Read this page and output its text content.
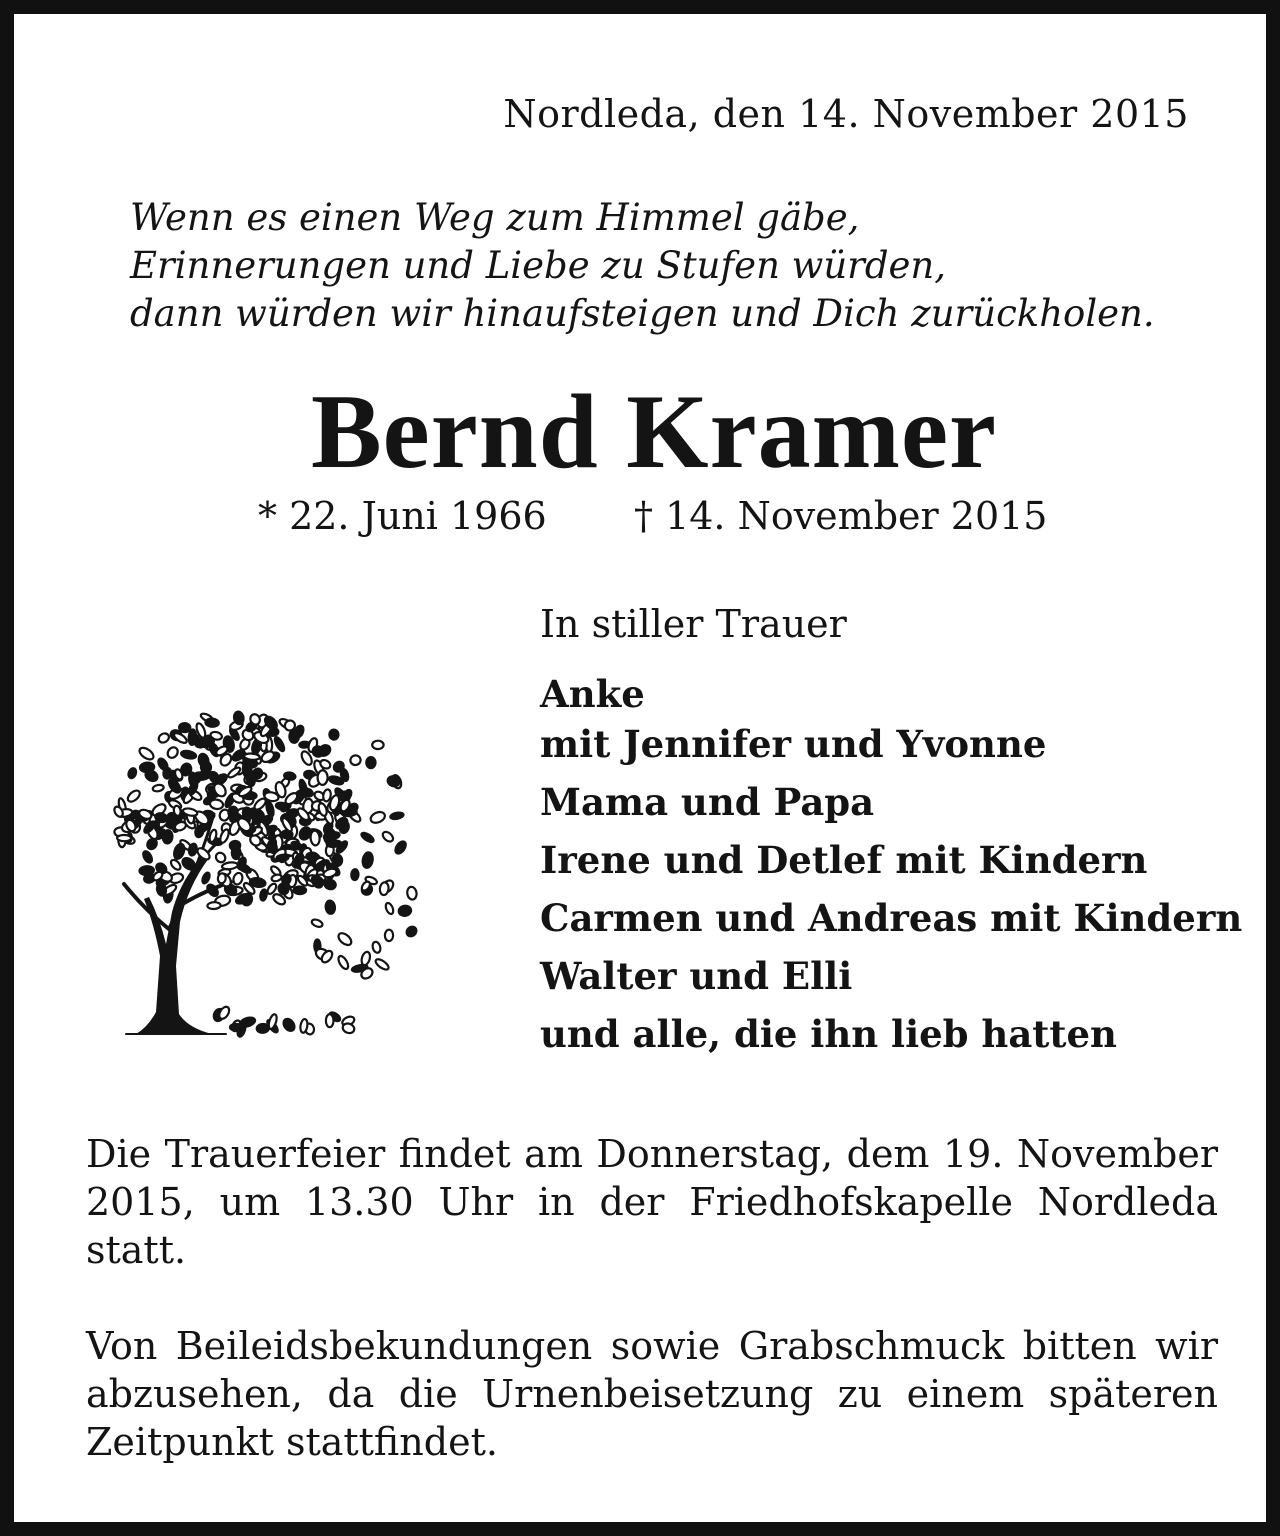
Nordleda, den 14. November 2015
Wenn es einen Weg zum Himmel gäbe,
Erinnerungen und Liebe zu Stufen würden,
dann würden wir hinaufsteigen und Dich zurückholen.
Bernd Kramer
* 22. Juni 1966 † 14. November 2015
In stiller Trauer
Anke
mit Jennifer und Yvonne
Mama und Papa
Irene und Detlef mit Kindern
Carmen und Andreas mit Kindern
Walter und Elli
und alle, die ihn lieb hatten
Die Trauerfeier findet am Donnerstag, dem 19. November 2015, um 13.30 Uhr in der Friedhofskapelle Nordleda statt.
Von Beileidsbekundungen sowie Grabschmuck bitten wir abzusehen, da die Urnenbeisetzung zu einem späteren Zeitpunkt stattfindet.
